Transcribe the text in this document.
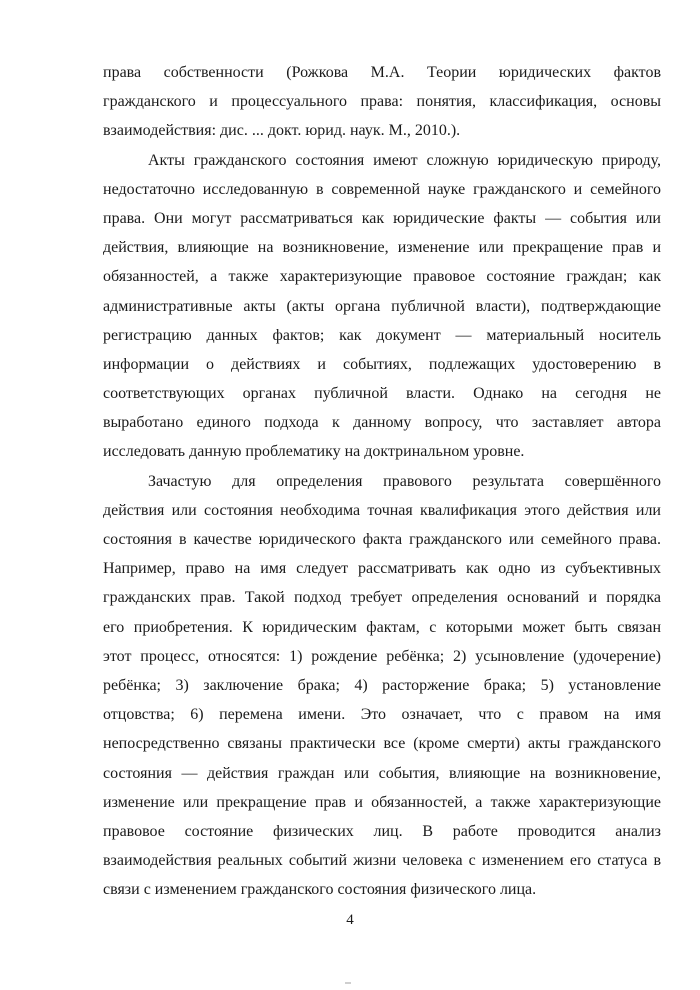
права собственности (Рожкова М.А. Теории юридических фактов
гражданского и процессуального права: понятия, классификация, основы
взаимодействия: дис. ... докт. юрид. наук. М., 2010.).
Акты гражданского состояния имеют сложную юридическую природу,
недостаточно исследованную в современной науке гражданского и семейного
права. Они могут рассматриваться как юридические факты — события или
действия, влияющие на возникновение, изменение или прекращение прав и
обязанностей, а также характеризующие правовое состояние граждан; как
административные акты (акты органа публичной власти), подтверждающие
регистрацию данных фактов; как документ — материальный носитель
информации о действиях и событиях, подлежащих удостоверению в
соответствующих органах публичной власти. Однако на сегодня не
выработано единого подхода к данному вопросу, что заставляет автора
исследовать данную проблематику на доктринальном уровне.
Зачастую для определения правового результата совершённого
действия или состояния необходима точная квалификация этого действия или
состояния в качестве юридического факта гражданского или семейного права.
Например, право на имя следует рассматривать как одно из субъективных
гражданских прав. Такой подход требует определения оснований и порядка
его приобретения. К юридическим фактам, с которыми может быть связан
этот процесс, относятся: 1) рождение ребёнка; 2) усыновление (удочерение)
ребёнка; 3) заключение брака; 4) расторжение брака; 5) установление
отцовства; 6) перемена имени. Это означает, что с правом на имя
непосредственно связаны практически все (кроме смерти) акты гражданского
состояния — действия граждан или события, влияющие на возникновение,
изменение или прекращение прав и обязанностей, а также характеризующие
правовое состояние физических лиц. В работе проводится анализ
взаимодействия реальных событий жизни человека с изменением его статуса в
связи с изменением гражданского состояния физического лица.
4
